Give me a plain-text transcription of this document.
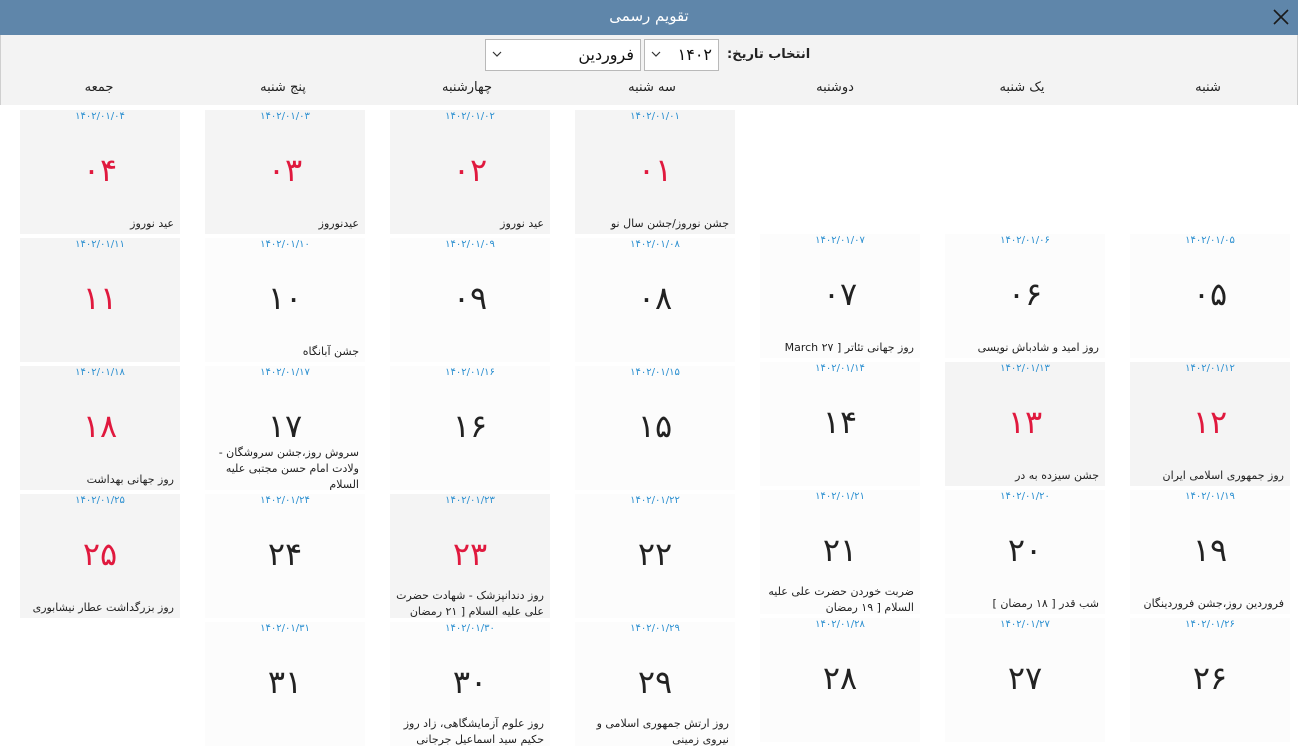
تقویم رسمی
انتخاب تاریخ:
۱۴۰۲
فروردین
شنبه
یک شنبه
دوشنبه
سه شنبه
چهارشنبه
پنج شنبه
جمعه
۱۴۰۲/۰۱/۰۱
۰۱
جشن نوروز/جشن سال نو
۱۴۰۲/۰۱/۰۲
۰۲
عید نوروز
۱۴۰۲/۰۱/۰۳
۰۳
عیدنوروز
۱۴۰۲/۰۱/۰۴
۰۴
عید نوروز
۱۴۰۲/۰۱/۰۵
۰۵
۱۴۰۲/۰۱/۰۶
۰۶
روز امید و شادباش نویسی
۱۴۰۲/۰۱/۰۷
۰۷
روز جهانی تئاتر [ ۲۷ March
۱۴۰۲/۰۱/۰۸
۰۸
۱۴۰۲/۰۱/۰۹
۰۹
۱۴۰۲/۰۱/۱۰
۱۰
جشن آبانگاه
۱۴۰۲/۰۱/۱۱
۱۱
۱۴۰۲/۰۱/۱۲
۱۲
روز جمهوری اسلامی ایران
۱۴۰۲/۰۱/۱۳
۱۳
جشن سیزده به در
۱۴۰۲/۰۱/۱۴
۱۴
۱۴۰۲/۰۱/۱۵
۱۵
۱۴۰۲/۰۱/۱۶
۱۶
۱۴۰۲/۰۱/۱۷
۱۷
سروش روز،جشن سروشگان - ولادت امام حسن مجتبی علیه السلام
۱۴۰۲/۰۱/۱۸
۱۸
روز جهانی بهداشت
۱۴۰۲/۰۱/۱۹
۱۹
فروردین روز،جشن فروردینگان
۱۴۰۲/۰۱/۲۰
۲۰
شب قدر [ ۱۸ رمضان ]
۱۴۰۲/۰۱/۲۱
۲۱
ضربت خوردن حضرت علی علیه السلام [ ۱۹ رمضان
۱۴۰۲/۰۱/۲۲
۲۲
۱۴۰۲/۰۱/۲۳
۲۳
روز دندانپزشک - شهادت حضرت علی علیه السلام [ ۲۱ رمضان
۱۴۰۲/۰۱/۲۴
۲۴
۱۴۰۲/۰۱/۲۵
۲۵
روز بزرگداشت عطار نیشابوری
۱۴۰۲/۰۱/۲۶
۲۶
۱۴۰۲/۰۱/۲۷
۲۷
۱۴۰۲/۰۱/۲۸
۲۸
۱۴۰۲/۰۱/۲۹
۲۹
روز ارتش جمهوری اسلامی و نیروی زمینی
۱۴۰۲/۰۱/۳۰
۳۰
روز علوم آزمایشگاهی، زاد روز حکیم سید اسماعیل جرجانی
۱۴۰۲/۰۱/۳۱
۳۱
